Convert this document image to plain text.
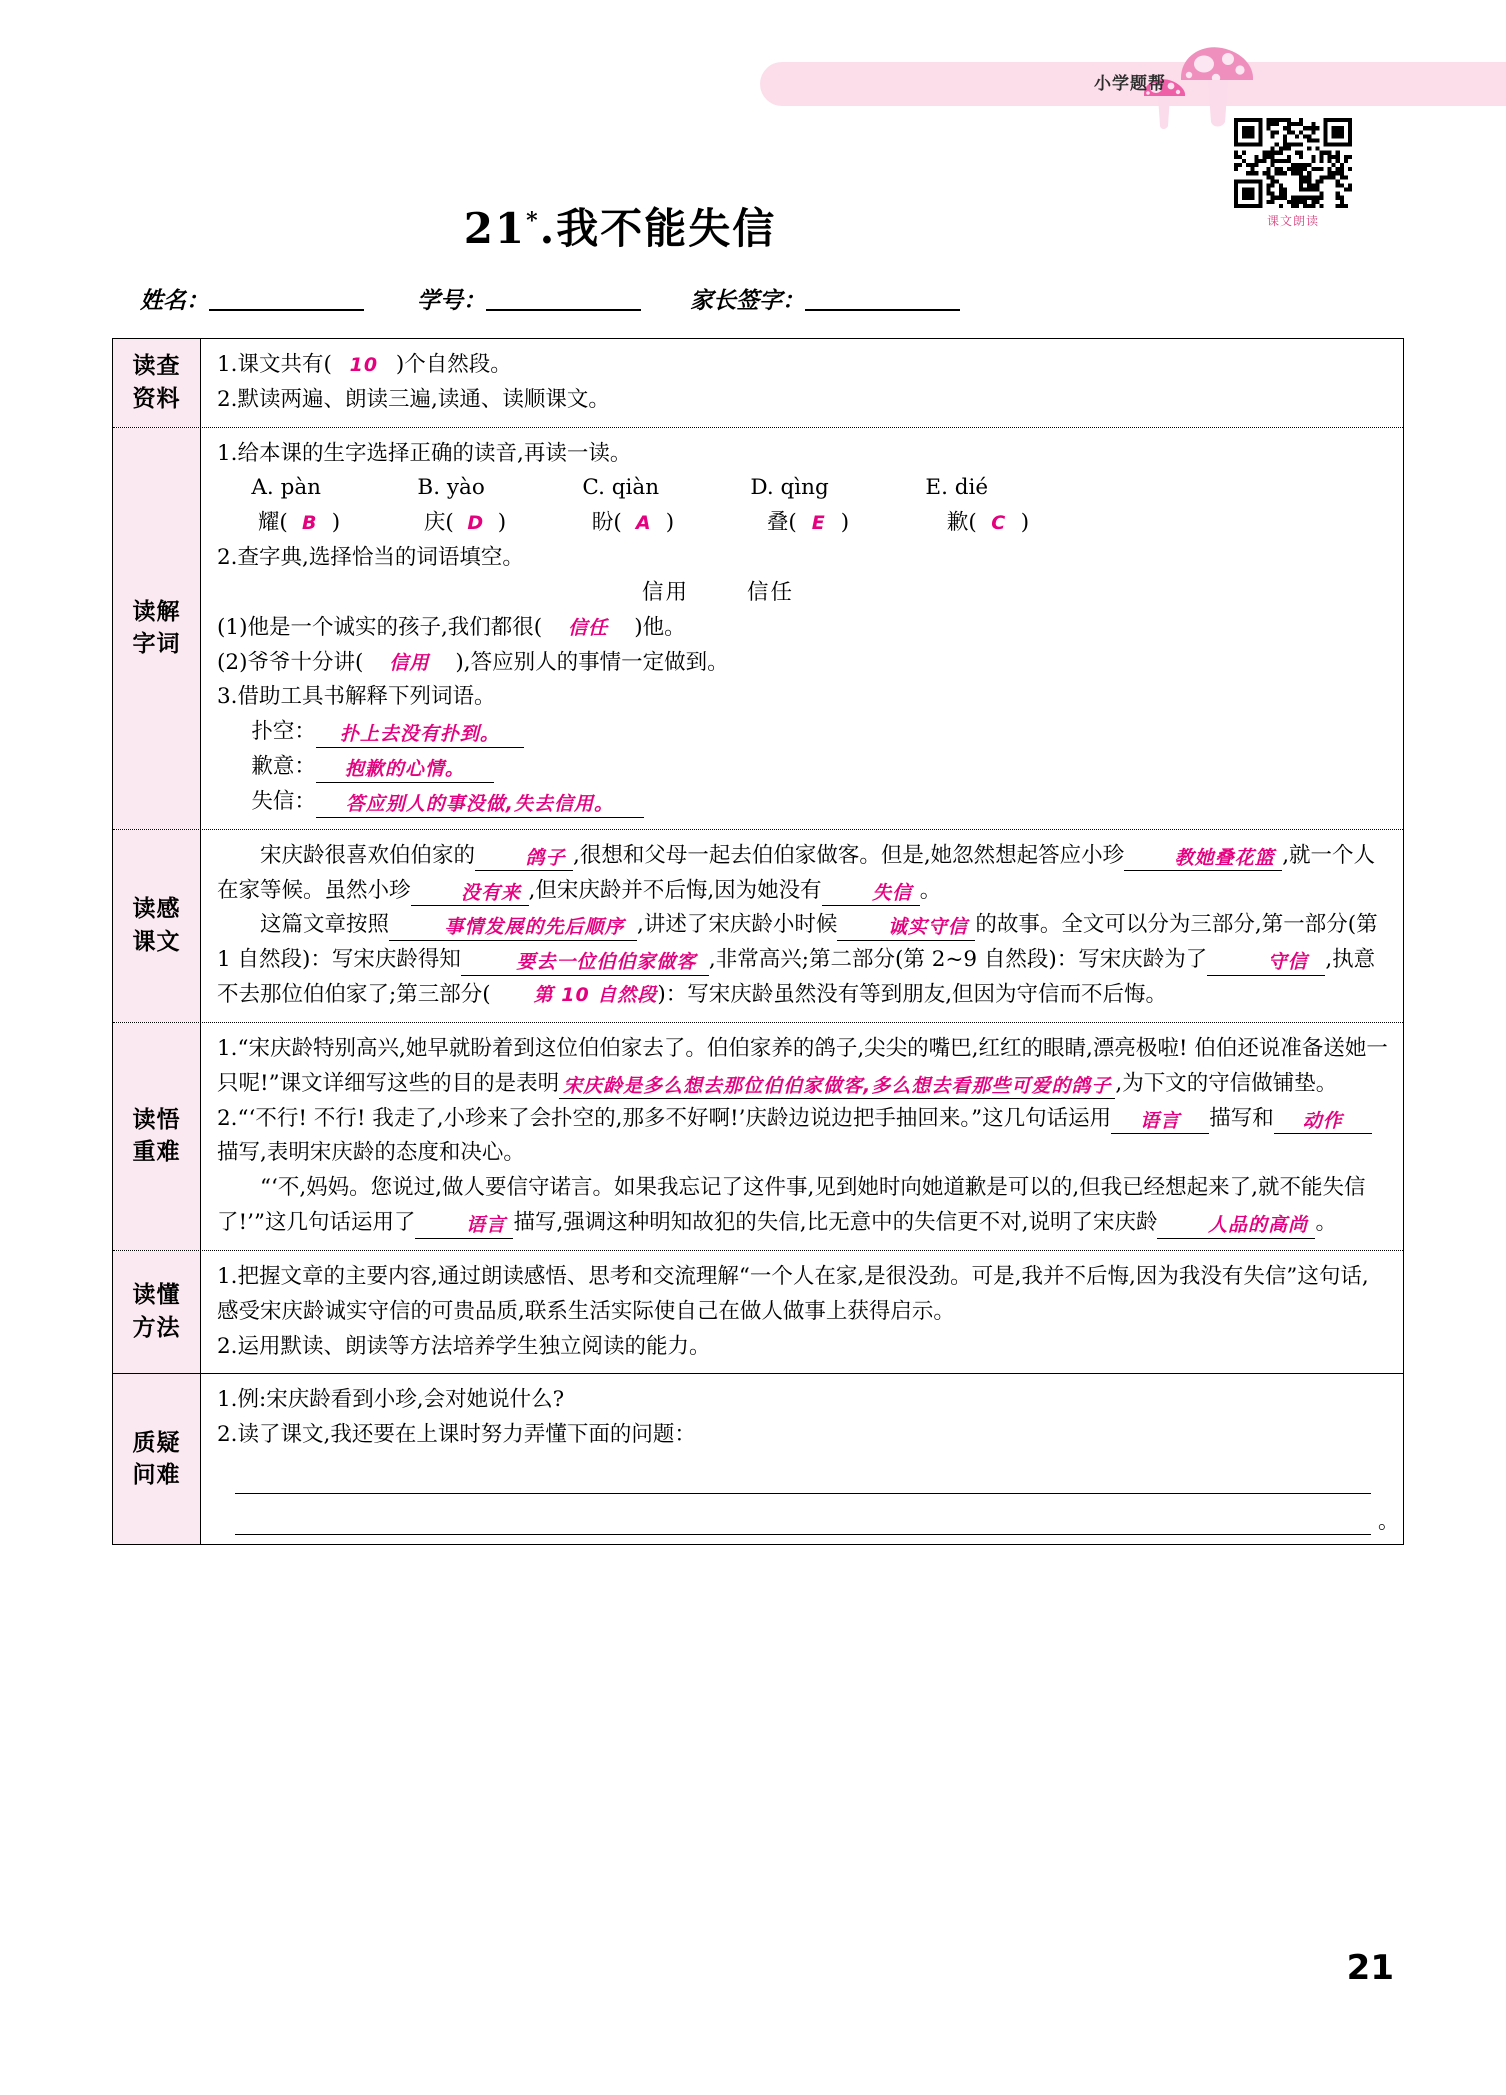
小学题帮
课文朗读
21*.我不能失信
姓名：	学号：	家长签字：
读查
资料

1.课文共有( 10 )个自然段。

2.默读两遍、朗读三遍,读通、读顺课文。

读解
字词

1.给本课的生字选择正确的读音,再读一读。

A. pàn	B. yào	C. qiàn	D. qìng	E. dié
耀( B )	庆( D )	盼( A )	叠( E )	歉( C )

2.查字典,选择恰当的词语填空。

信用	信任

(1)他是一个诚实的孩子,我们都很( 信任 )他。

(2)爷爷十分讲( 信用 ),答应别人的事情一定做到。

3.借助工具书解释下列词语。

扑空： 扑上去没有扑到。

歉意： 抱歉的心情。

失信： 答应别人的事没做,失去信用。

读感
课文

宋庆龄很喜欢伯伯家的	鸽子 ,很想和父母一起去伯伯家做客。但是,她忽然想起答应小珍	教她叠花篮 ,就一个人在家等候。虽然小珍	没有来 ,但宋庆龄并不后悔,因为她没有	失信 。

这篇文章按照	事情发展的先后顺序 ,讲述了宋庆龄小时候	诚实守信 的故事。全文可以分为三部分,第一部分(第 1 自然段)：写宋庆龄得知	要去一位伯伯家做客 ,非常高兴;第二部分(第 2~9 自然段)：写宋庆龄为了	守信 ,执意不去那位伯伯家了;第三部分( 第 10 自然段)：写宋庆龄虽然没有等到朋友,但因为守信而不后悔。

读悟
重难

1.“宋庆龄特别高兴,她早就盼着到这位伯伯家去了。伯伯家养的鸽子,尖尖的嘴巴,红红的眼睛,漂亮极啦! 伯伯还说准备送她一只呢!”课文详细写这些的目的是表明 宋庆龄是多么想去那位伯伯家做客,多么想去看那些可爱的鸽子 ,为下文的守信做铺垫。

2.“‘不行! 不行! 我走了,小珍来了会扑空的,那多不好啊!’庆龄边说边把手抽回来。”这几句话运用 语言 描写和 动作描写,表明宋庆龄的态度和决心。

“‘不,妈妈。您说过,做人要信守诺言。如果我忘记了这件事,见到她时向她道歉是可以的,但我已经想起来了,就不能失信了!’”这几句话运用了	语言 描写,强调这种明知故犯的失信,比无意中的失信更不对,说明了宋庆龄	人品的高尚 。

读懂
方法

1.把握文章的主要内容,通过朗读感悟、思考和交流理解“一个人在家,是很没劲。可是,我并不后悔,因为我没有失信”这句话,感受宋庆龄诚实守信的可贵品质,联系生活实际使自己在做人做事上获得启示。

2.运用默读、朗读等方法培养学生独立阅读的能力。

质疑
问难

1.例:宋庆龄看到小珍,会对她说什么?

2.读了课文,我还要在上课时努力弄懂下面的问题：

。
21
